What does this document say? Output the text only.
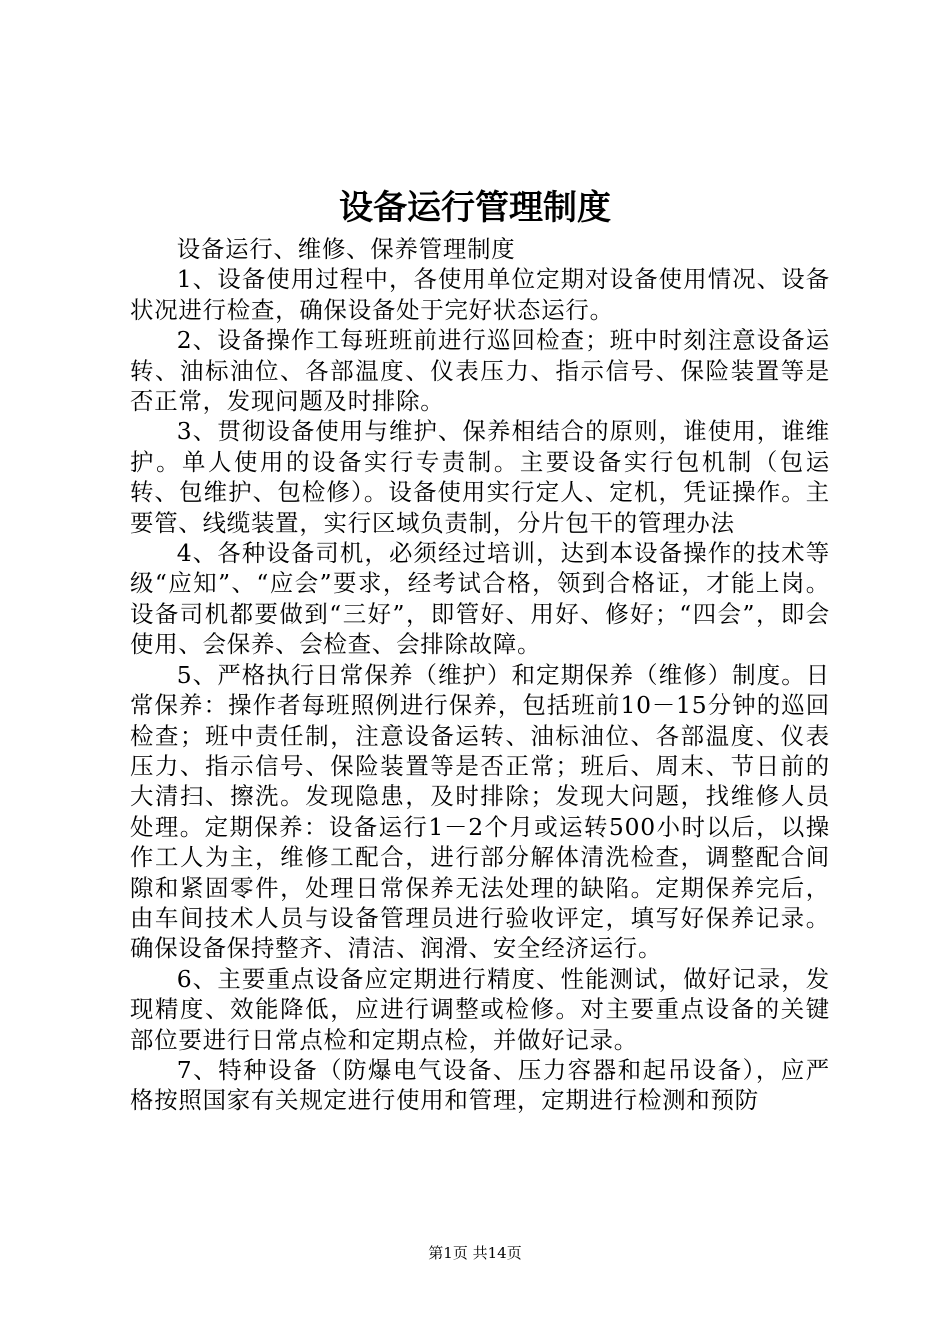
设备运行管理制度

设备运行、维修、保养管理制度

1、设备使用过程中，各使用单位定期对设备使用情况、设备状况进行检查，确保设备处于完好状态运行。

2、设备操作工每班班前进行巡回检查；班中时刻注意设备运转、油标油位、各部温度、仪表压力、指示信号、保险装置等是否正常，发现问题及时排除。

3、贯彻设备使用与维护、保养相结合的原则，谁使用，谁维护。单人使用的设备实行专责制。主要设备实行包机制（包运转、包维护、包检修）。设备使用实行定人、定机，凭证操作。主要管、线缆装置，实行区域负责制，分片包干的管理办法

4、各种设备司机，必须经过培训，达到本设备操作的技术等级“应知”、“应会”要求，经考试合格，领到合格证，才能上岗。设备司机都要做到“三好”，即管好、用好、修好；“四会”，即会使用、会保养、会检查、会排除故障。

5、严格执行日常保养（维护）和定期保养（维修）制度。日常保养：操作者每班照例进行保养，包括班前10－15分钟的巡回检查；班中责任制，注意设备运转、油标油位、各部温度、仪表压力、指示信号、保险装置等是否正常；班后、周末、节日前的大清扫、擦洗。发现隐患，及时排除；发现大问题，找维修人员处理。定期保养：设备运行1－2个月或运转500小时以后，以操作工人为主，维修工配合，进行部分解体清洗检查，调整配合间隙和紧固零件，处理日常保养无法处理的缺陷。定期保养完后，由车间技术人员与设备管理员进行验收评定，填写好保养记录。确保设备保持整齐、清洁、润滑、安全经济运行。

6、主要重点设备应定期进行精度、性能测试，做好记录，发现精度、效能降低，应进行调整或检修。对主要重点设备的关键部位要进行日常点检和定期点检，并做好记录。

7、特种设备（防爆电气设备、压力容器和起吊设备），应严格按照国家有关规定进行使用和管理，定期进行检测和预防

第1页 共14页
